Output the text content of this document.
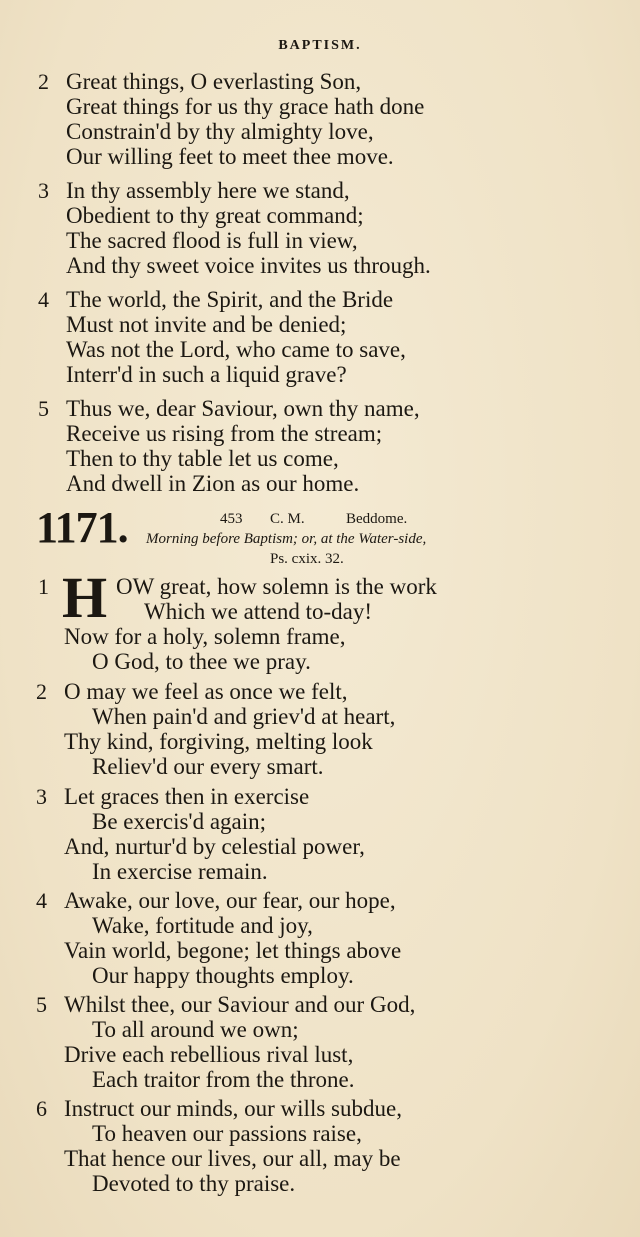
BAPTISM.
2 Great things, O everlasting Son,
Great things for us thy grace hath done
Constrain'd by thy almighty love,
Our willing feet to meet thee move.
3 In thy assembly here we stand,
Obedient to thy great command;
The sacred flood is full in view,
And thy sweet voice invites us through.
4 The world, the Spirit, and the Bride
Must not invite and be denied;
Was not the Lord, who came to save,
Interr'd in such a liquid grave?
5 Thus we, dear Saviour, own thy name,
Receive us rising from the stream;
Then to thy table let us come,
And dwell in Zion as our home.
1171.	453 C. M.	Beddome.
Morning before Baptism; or, at the Water-side,
Ps. cxix. 32.
1 H OW great, how solemn is the work
Which we attend to-day!
Now for a holy, solemn frame,
O God, to thee we pray.
2 O may we feel as once we felt,
When pain'd and griev'd at heart,
Thy kind, forgiving, melting look
Reliev'd our every smart.
3 Let graces then in exercise
Be exercis'd again;
And, nurtur'd by celestial power,
In exercise remain.
4 Awake, our love, our fear, our hope,
Wake, fortitude and joy,
Vain world, begone; let things above
Our happy thoughts employ.
5 Whilst thee, our Saviour and our God,
To all around we own;
Drive each rebellious rival lust,
Each traitor from the throne.
6 Instruct our minds, our wills subdue,
To heaven our passions raise,
That hence our lives, our all, may be
Devoted to thy praise.
